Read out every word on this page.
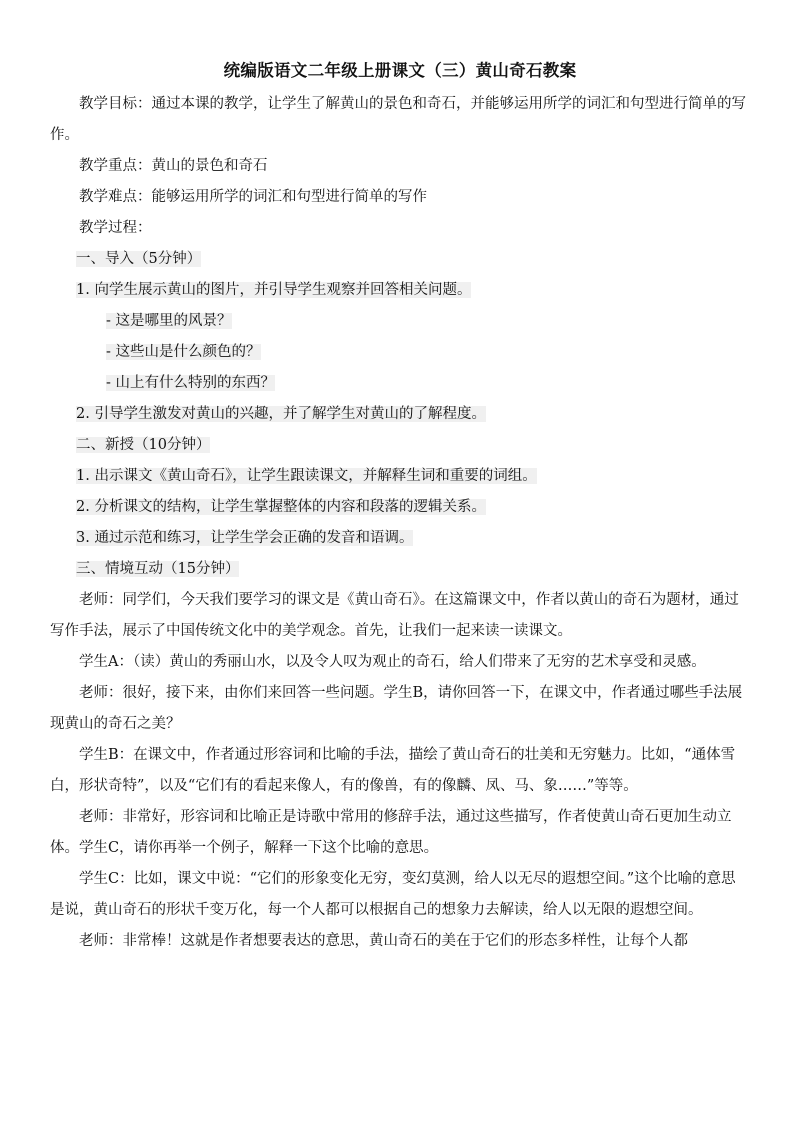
统编版语文二年级上册课文（三）黄山奇石教案

教学目标：通过本课的教学，让学生了解黄山的景色和奇石，并能够运用所学的词汇和句型进行简单的写作。

教学重点：黄山的景色和奇石

教学难点：能够运用所学的词汇和句型进行简单的写作

教学过程：

一、导入（5分钟）

1. 向学生展示黄山的图片，并引导学生观察并回答相关问题。

- 这是哪里的风景？

- 这些山是什么颜色的？

- 山上有什么特别的东西？

2. 引导学生激发对黄山的兴趣，并了解学生对黄山的了解程度。

二、新授（10分钟）

1. 出示课文《黄山奇石》，让学生跟读课文，并解释生词和重要的词组。

2. 分析课文的结构，让学生掌握整体的内容和段落的逻辑关系。

3. 通过示范和练习，让学生学会正确的发音和语调。

三、情境互动（15分钟）

老师：同学们，今天我们要学习的课文是《黄山奇石》。在这篇课文中，作者以黄山的奇石为题材，通过写作手法，展示了中国传统文化中的美学观念。首先，让我们一起来读一读课文。

学生A：（读）黄山的秀丽山水，以及令人叹为观止的奇石，给人们带来了无穷的艺术享受和灵感。

老师：很好，接下来，由你们来回答一些问题。学生B，请你回答一下，在课文中，作者通过哪些手法展现黄山的奇石之美？

学生B：在课文中，作者通过形容词和比喻的手法，描绘了黄山奇石的壮美和无穷魅力。比如，“通体雪白，形状奇特”，以及“它们有的看起来像人，有的像兽，有的像麟、凤、马、象……”等等。

老师：非常好，形容词和比喻正是诗歌中常用的修辞手法，通过这些描写，作者使黄山奇石更加生动立体。学生C，请你再举一个例子，解释一下这个比喻的意思。

学生C：比如，课文中说：“它们的形象变化无穷，变幻莫测，给人以无尽的遐想空间。”这个比喻的意思是说，黄山奇石的形状千变万化，每一个人都可以根据自己的想象力去解读，给人以无限的遐想空间。

老师：非常棒！这就是作者想要表达的意思，黄山奇石的美在于它们的形态多样性，让每个人都
